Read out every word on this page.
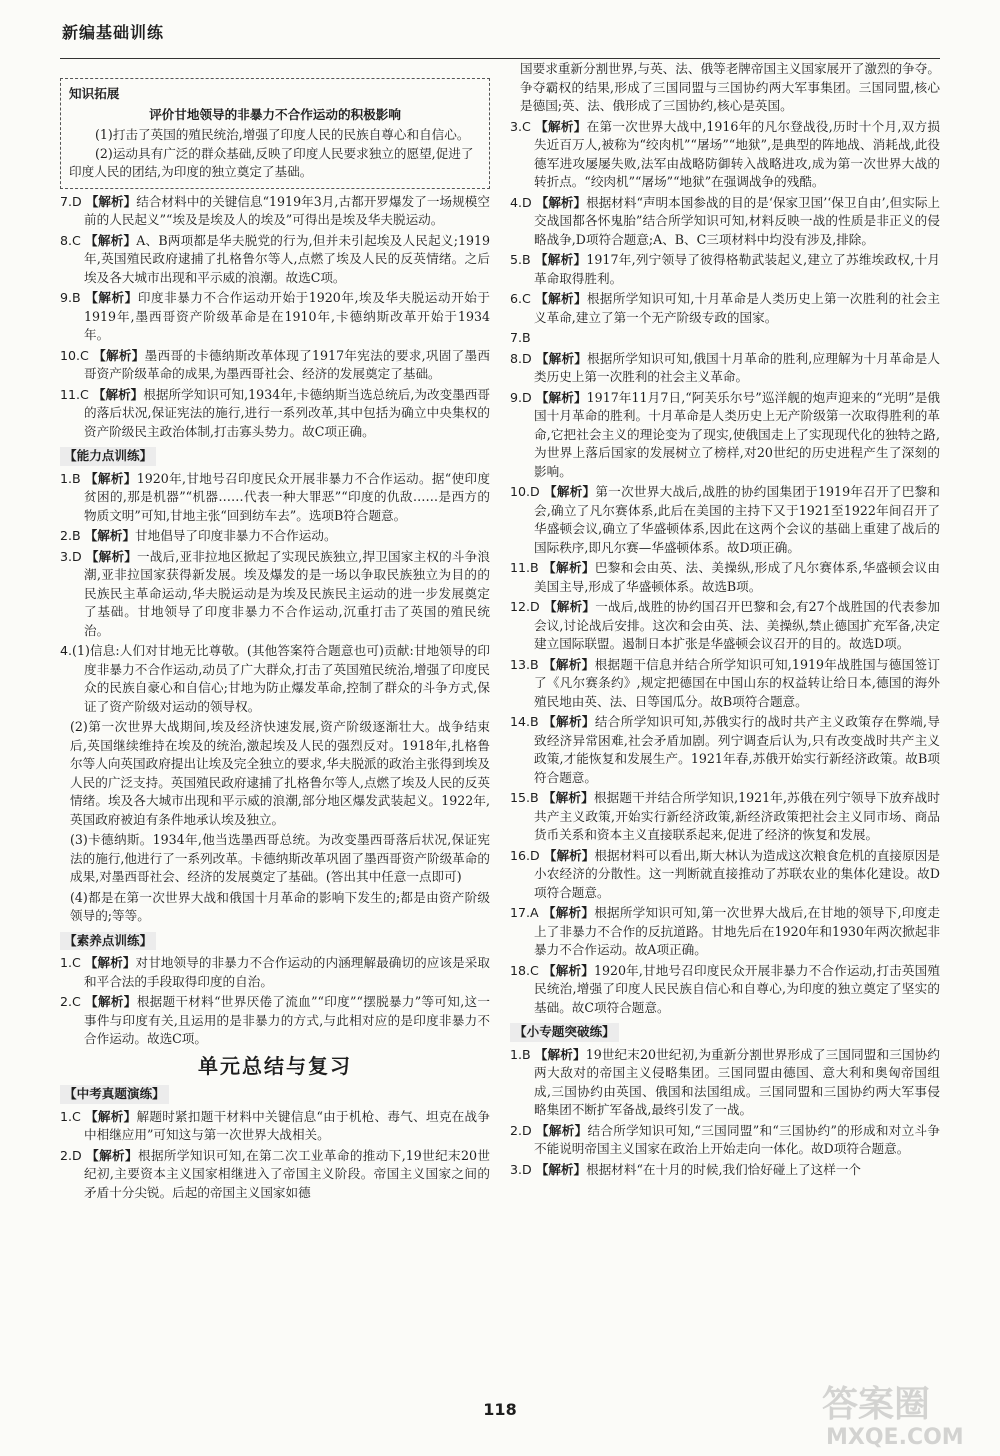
新编基础训练
知识拓展
评价甘地领导的非暴力不合作运动的积极影响

(1)打击了英国的殖民统治,增强了印度人民的民族自尊心和自信心。

(2)运动具有广泛的群众基础,反映了印度人民要求独立的愿望,促进了印度人民的团结,为印度的独立奠定了基础。

7.D 【解析】结合材料中的关键信息“1919年3月,古都开罗爆发了一场规模空前的人民起义”“埃及是埃及人的埃及”可得出是埃及华夫脱运动。
8.C 【解析】A、B两项都是华夫脱党的行为,但并未引起埃及人民起义;1919年,英国殖民政府逮捕了扎格鲁尔等人,点燃了埃及人民的反英情绪。之后埃及各大城市出现和平示威的浪潮。故选C项。
9.B 【解析】印度非暴力不合作运动开始于1920年,埃及华夫脱运动开始于1919年,墨西哥资产阶级革命是在1910年,卡德纳斯改革开始于1934年。
10.C 【解析】墨西哥的卡德纳斯改革体现了1917年宪法的要求,巩固了墨西哥资产阶级革命的成果,为墨西哥社会、经济的发展奠定了基础。
11.C 【解析】根据所学知识可知,1934年,卡德纳斯当选总统后,为改变墨西哥的落后状况,保证宪法的施行,进行一系列改革,其中包括为确立中央集权的资产阶级民主政治体制,打击寡头势力。故C项正确。
【能力点训练】
1.B 【解析】1920年,甘地号召印度民众开展非暴力不合作运动。据“使印度贫困的,那是机器”“机器……代表一种大罪恶”“印度的仇敌……是西方的物质文明”可知,甘地主张“回到纺车去”。选项B符合题意。
2.B 【解析】甘地倡导了印度非暴力不合作运动。
3.D 【解析】一战后,亚非拉地区掀起了实现民族独立,捍卫国家主权的斗争浪潮,亚非拉国家获得新发展。埃及爆发的是一场以争取民族独立为目的的民族民主革命运动,华夫脱运动是为埃及民族民主运动的进一步发展奠定了基础。甘地领导了印度非暴力不合作运动,沉重打击了英国的殖民统治。
4.(1)信息:人们对甘地无比尊敬。(其他答案符合题意也可)贡献:甘地领导的印度非暴力不合作运动,动员了广大群众,打击了英国殖民统治,增强了印度民众的民族自豪心和自信心;甘地为防止爆发革命,控制了群众的斗争方式,保证了资产阶级对运动的领导权。
(2)第一次世界大战期间,埃及经济快速发展,资产阶级逐渐壮大。战争结束后,英国继续维持在埃及的统治,激起埃及人民的强烈反对。1918年,扎格鲁尔等人向英国政府提出让埃及完全独立的要求,华夫脱派的政治主张得到埃及人民的广泛支持。英国殖民政府逮捕了扎格鲁尔等人,点燃了埃及人民的反英情绪。埃及各大城市出现和平示威的浪潮,部分地区爆发武装起义。1922年,英国政府被迫有条件地承认埃及独立。
(3)卡德纳斯。1934年,他当选墨西哥总统。为改变墨西哥落后状况,保证宪法的施行,他进行了一系列改革。卡德纳斯改革巩固了墨西哥资产阶级革命的成果,对墨西哥社会、经济的发展奠定了基础。(答出其中任意一点即可)
(4)都是在第一次世界大战和俄国十月革命的影响下发生的;都是由资产阶级领导的;等等。
【素养点训练】
1.C 【解析】对甘地领导的非暴力不合作运动的内涵理解最确切的应该是采取和平合法的手段取得印度的自治。
2.C 【解析】根据题干材料“世界厌倦了流血”“印度”“摆脱暴力”等可知,这一事件与印度有关,且运用的是非暴力的方式,与此相对应的是印度非暴力不合作运动。故选C项。
单元总结与复习
【中考真题演练】
1.C 【解析】解题时紧扣题干材料中关键信息“由于机枪、毒气、坦克在战争中相继应用”可知这与第一次世界大战相关。
2.D 【解析】根据所学知识可知,在第二次工业革命的推动下,19世纪末20世纪初,主要资本主义国家相继进入了帝国主义阶段。帝国主义国家之间的矛盾十分尖锐。后起的帝国主义国家如德
国要求重新分割世界,与英、法、俄等老牌帝国主义国家展开了激烈的争夺。争夺霸权的结果,形成了三国同盟与三国协约两大军事集团。三国同盟,核心是德国;英、法、俄形成了三国协约,核心是英国。
3.C 【解析】在第一次世界大战中,1916年的凡尔登战役,历时十个月,双方损失近百万人,被称为“绞肉机”“屠场”“地狱”,是典型的阵地战、消耗战,此役德军进攻屡屡失败,法军由战略防御转入战略进攻,成为第一次世界大战的转折点。“绞肉机”“屠场”“地狱”在强调战争的残酷。
4.D 【解析】根据材料“声明本国参战的目的是‘保家卫国’‘保卫自由’,但实际上交战国都各怀鬼胎”结合所学知识可知,材料反映一战的性质是非正义的侵略战争,D项符合题意;A、B、C三项材料中均没有涉及,排除。
5.B 【解析】1917年,列宁领导了彼得格勒武装起义,建立了苏维埃政权,十月革命取得胜利。
6.C 【解析】根据所学知识可知,十月革命是人类历史上第一次胜利的社会主义革命,建立了第一个无产阶级专政的国家。
7.B
8.D 【解析】根据所学知识可知,俄国十月革命的胜利,应理解为十月革命是人类历史上第一次胜利的社会主义革命。
9.D 【解析】1917年11月7日,“阿芙乐尔号”巡洋舰的炮声迎来的“光明”是俄国十月革命的胜利。十月革命是人类历史上无产阶级第一次取得胜利的革命,它把社会主义的理论变为了现实,使俄国走上了实现现代化的独特之路,为世界上落后国家的发展树立了榜样,对20世纪的历史进程产生了深刻的影响。
10.D 【解析】第一次世界大战后,战胜的协约国集团于1919年召开了巴黎和会,确立了凡尔赛体系,此后在美国的主持下又于1921至1922年间召开了华盛顿会议,确立了华盛顿体系,因此在这两个会议的基础上重建了战后的国际秩序,即凡尔赛—华盛顿体系。故D项正确。
11.B 【解析】巴黎和会由英、法、美操纵,形成了凡尔赛体系,华盛顿会议由美国主导,形成了华盛顿体系。故选B项。
12.D 【解析】一战后,战胜的协约国召开巴黎和会,有27个战胜国的代表参加会议,讨论战后安排。这次和会由英、法、美操纵,禁止德国扩充军备,决定建立国际联盟。遏制日本扩张是华盛顿会议召开的目的。故选D项。
13.B 【解析】根据题干信息并结合所学知识可知,1919年战胜国与德国签订了《凡尔赛条约》,规定把德国在中国山东的权益转让给日本,德国的海外殖民地由英、法、日等国瓜分。故B项符合题意。
14.B 【解析】结合所学知识可知,苏俄实行的战时共产主义政策存在弊端,导致经济异常困难,社会矛盾加剧。列宁调查后认为,只有改变战时共产主义政策,才能恢复和发展生产。1921年春,苏俄开始实行新经济政策。故B项符合题意。
15.B 【解析】根据题干并结合所学知识,1921年,苏俄在列宁领导下放弃战时共产主义政策,开始实行新经济政策,新经济政策把社会主义同市场、商品货币关系和资本主义直接联系起来,促进了经济的恢复和发展。
16.D 【解析】根据材料可以看出,斯大林认为造成这次粮食危机的直接原因是小农经济的分散性。这一判断就直接推动了苏联农业的集体化建设。故D项符合题意。
17.A 【解析】根据所学知识可知,第一次世界大战后,在甘地的领导下,印度走上了非暴力不合作的反抗道路。甘地先后在1920年和1930年两次掀起非暴力不合作运动。故A项正确。
18.C 【解析】1920年,甘地号召印度民众开展非暴力不合作运动,打击英国殖民统治,增强了印度人民民族自信心和自尊心,为印度的独立奠定了坚实的基础。故C项符合题意。
【小专题突破练】
1.B 【解析】19世纪末20世纪初,为重新分割世界形成了三国同盟和三国协约两大敌对的帝国主义侵略集团。三国同盟由德国、意大利和奥匈帝国组成,三国协约由英国、俄国和法国组成。三国同盟和三国协约两大军事侵略集团不断扩军备战,最终引发了一战。
2.D 【解析】结合所学知识可知,“三国同盟”和“三国协约”的形成和对立斗争不能说明帝国主义国家在政治上开始走向一体化。故D项符合题意。
3.D 【解析】根据材料“在十月的时候,我们恰好碰上了这样一个
118	答案圈
MXQE.COM
